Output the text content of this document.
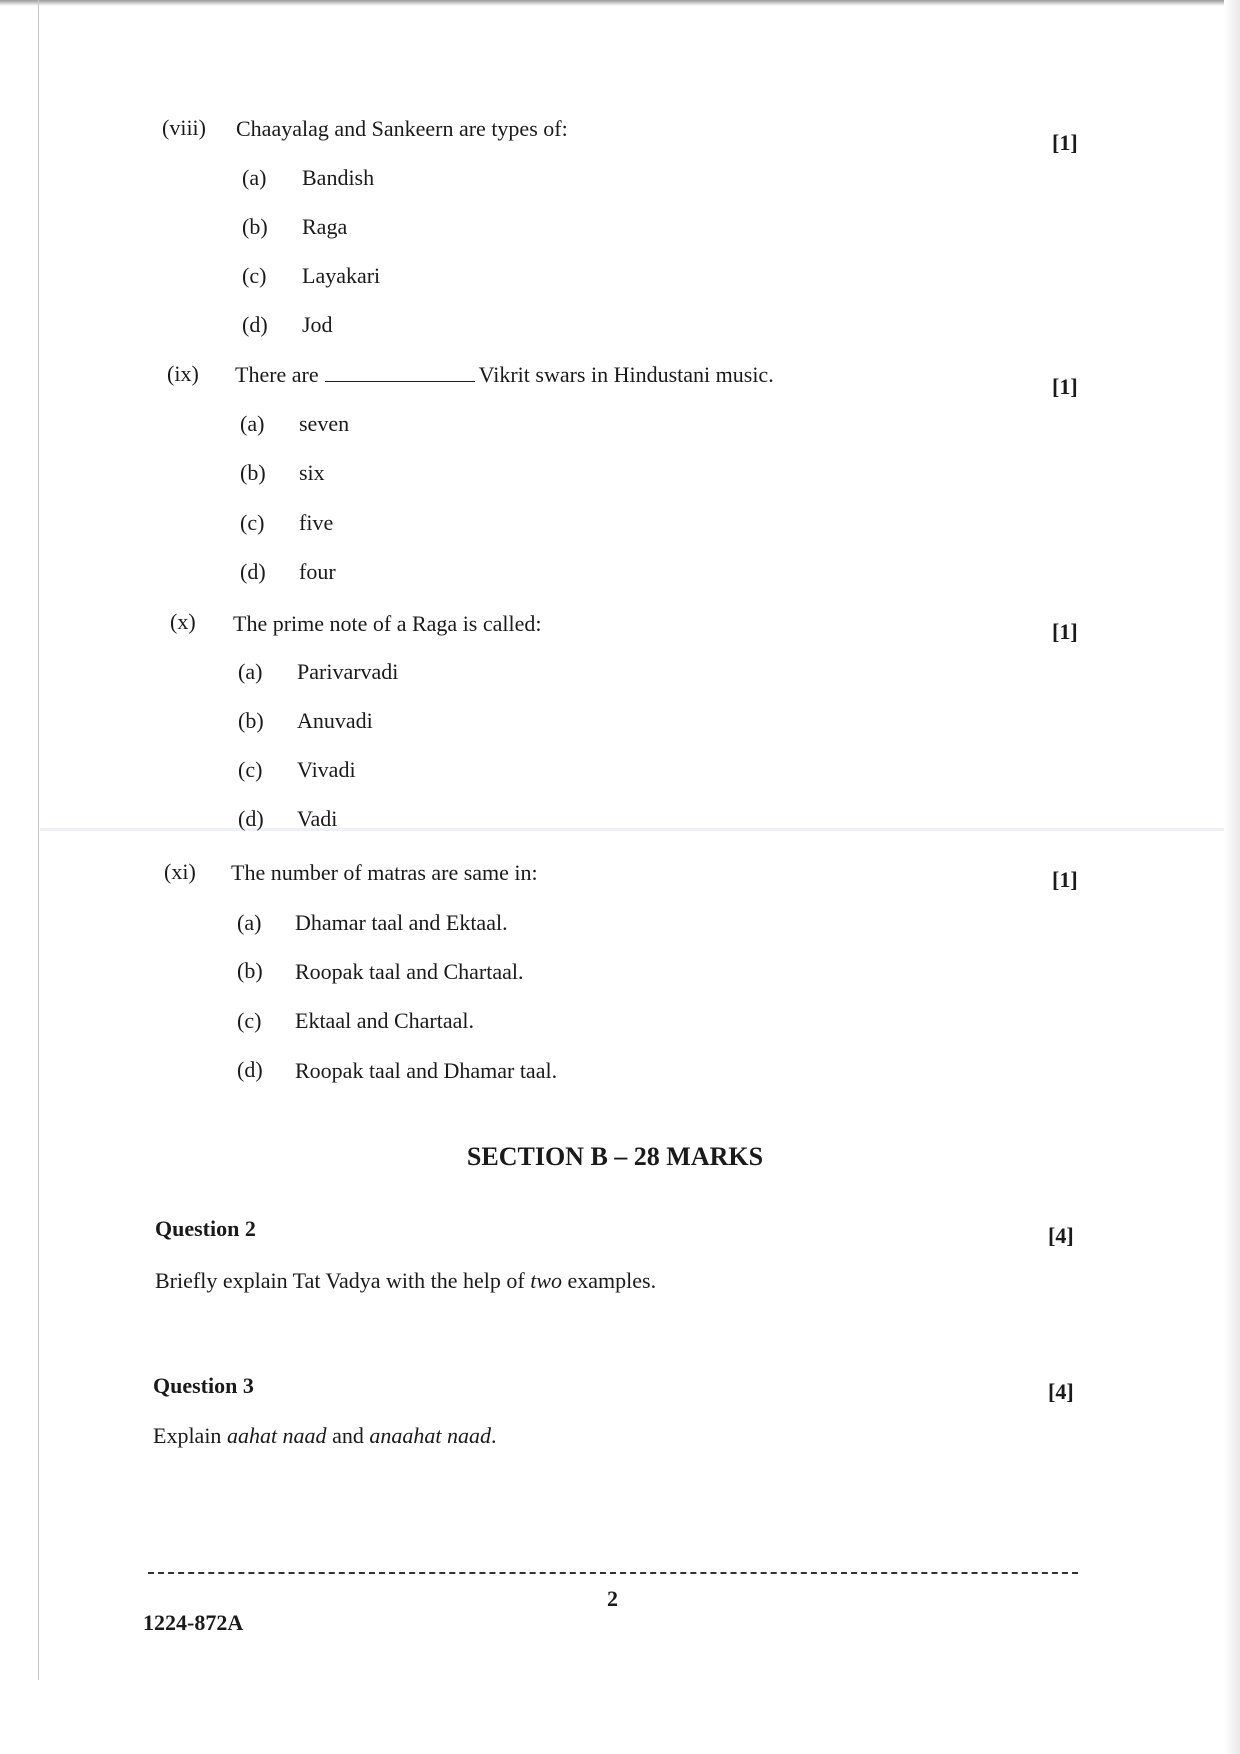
(viii) Chaayalag and Sankeern are types of:
[1]
(a) Bandish
(b) Raga
(c) Layakari
(d) Jod
(ix) There are	Vikrit swars in Hindustani music.	[1]
(a) seven
(b) six
(c) five
(d) four
(x) The prime note of a Raga is called:	[1]
(a) Parivarvadi
(b) Anuvadi
(c) Vivadi
(d) Vadi
(xi) The number of matras are same in:	[1]
(a) Dhamar taal and Ektaal.
(b) Roopak taal and Chartaal.
(c) Ektaal and Chartaal.
(d) Roopak taal and Dhamar taal.
SECTION B – 28 MARKS
Question 2	[4]
Briefly explain Tat Vadya with the help of two examples.
Question 3	[4]
Explain aahat naad and anaahat naad.
2
1224-872A
